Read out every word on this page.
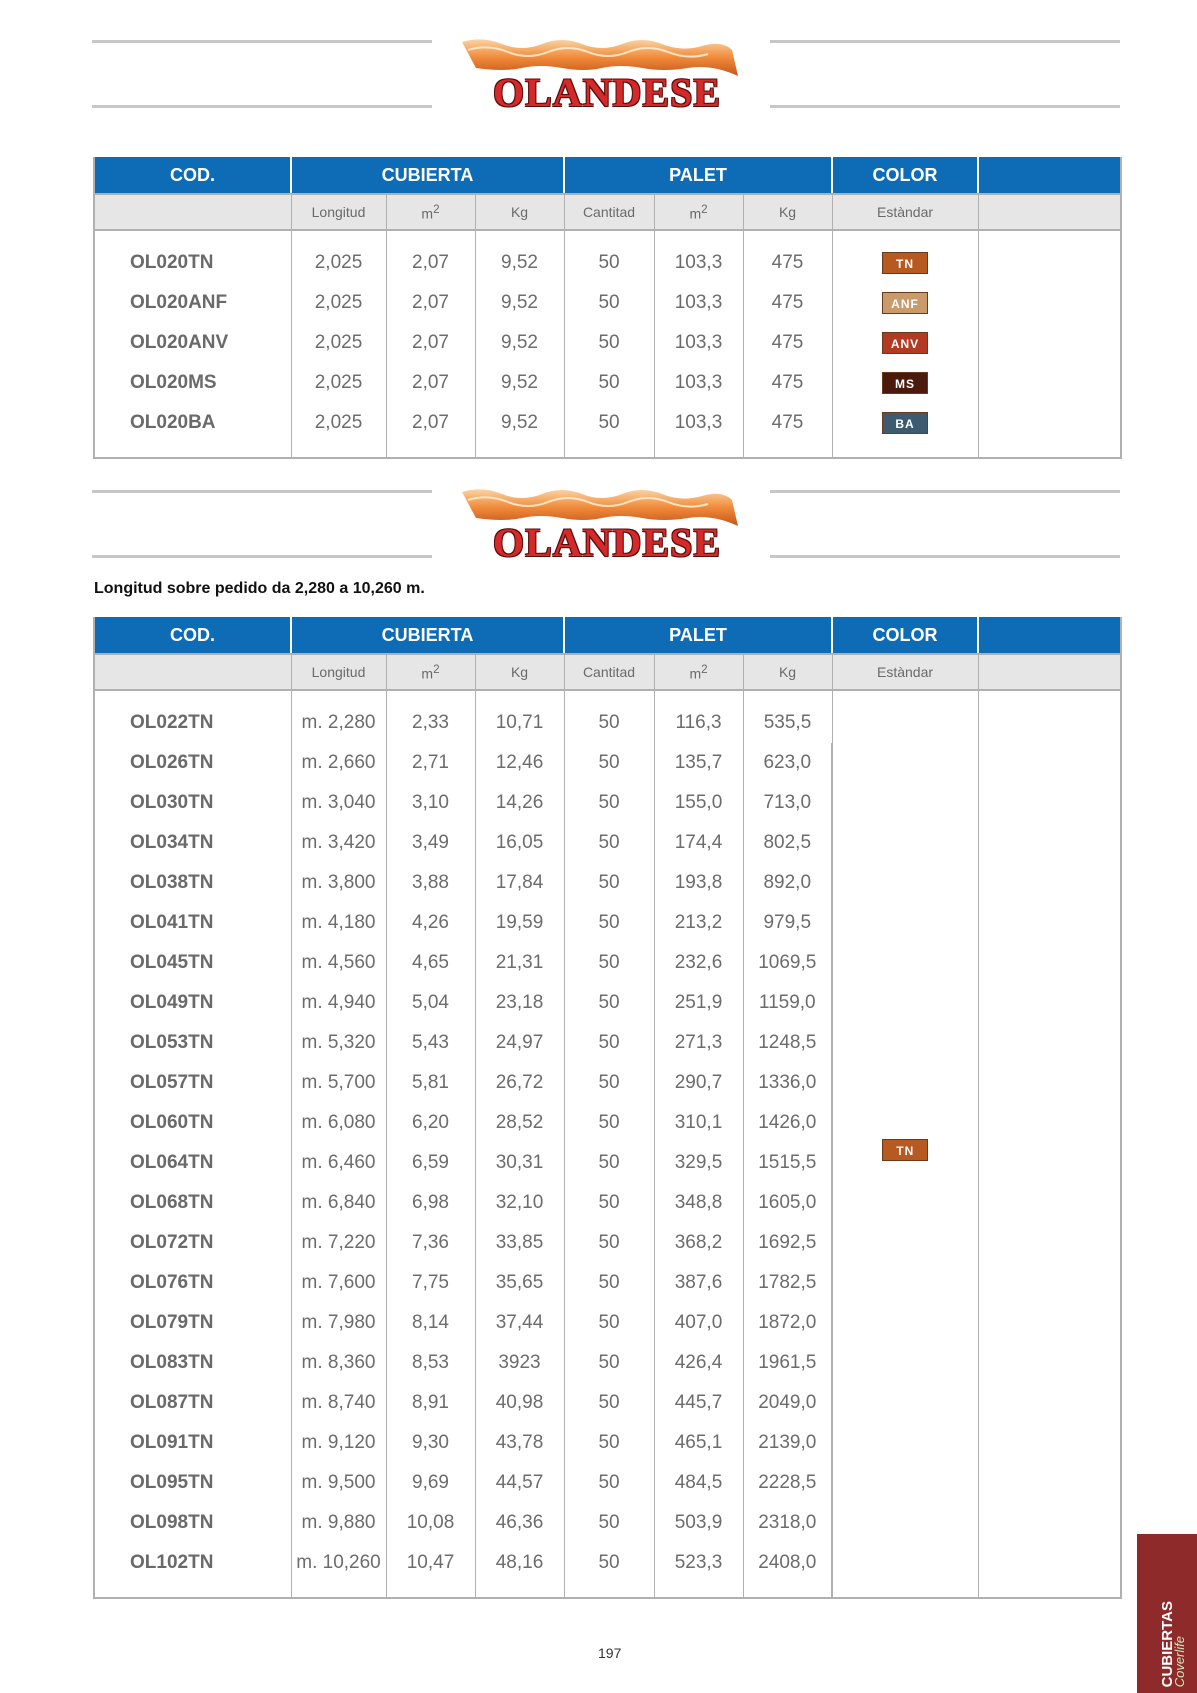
OLANDESE
COD.	CUBIERTA			PALET			COLOR	
	Longitud	$m^2$	Kg	Cantitad	$m^2$	Kg	Estàndar	
OL020TN	2,025	2,07	9,52	50	103,3	475	TN	
OL020ANF	2,025	2,07	9,52	50	103,3	475	ANF	
OL020ANV	2,025	2,07	9,52	50	103,3	475	ANV	
OL020MS	2,025	2,07	9,52	50	103,3	475	MS	
OL020BA	2,025	2,07	9,52	50	103,3	475	BA	
OLANDESE
Longitud sobre pedido da 2,280 a 10,260 m.
COD.	CUBIERTA			PALET			COLOR	
	Longitud	$m^2$	Kg	Cantitad	$m^2$	Kg	Estàndar	
OL022TN	m. 2,280	2,33	10,71	50	116,3	535,5	TN	
OL026TN	m. 2,660	2,71	12,46	50	135,7	623,0		
OL030TN	m. 3,040	3,10	14,26	50	155,0	713,0		
OL034TN	m. 3,420	3,49	16,05	50	174,4	802,5		
OL038TN	m. 3,800	3,88	17,84	50	193,8	892,0		
OL041TN	m. 4,180	4,26	19,59	50	213,2	979,5		
OL045TN	m. 4,560	4,65	21,31	50	232,6	1069,5		
OL049TN	m. 4,940	5,04	23,18	50	251,9	1159,0		
OL053TN	m. 5,320	5,43	24,97	50	271,3	1248,5		
OL057TN	m. 5,700	5,81	26,72	50	290,7	1336,0		
OL060TN	m. 6,080	6,20	28,52	50	310,1	1426,0		
OL064TN	m. 6,460	6,59	30,31	50	329,5	1515,5		
OL068TN	m. 6,840	6,98	32,10	50	348,8	1605,0		
OL072TN	m. 7,220	7,36	33,85	50	368,2	1692,5		
OL076TN	m. 7,600	7,75	35,65	50	387,6	1782,5		
OL079TN	m. 7,980	8,14	37,44	50	407,0	1872,0		
OL083TN	m. 8,360	8,53	3923	50	426,4	1961,5		
OL087TN	m. 8,740	8,91	40,98	50	445,7	2049,0		
OL091TN	m. 9,120	9,30	43,78	50	465,1	2139,0		
OL095TN	m. 9,500	9,69	44,57	50	484,5	2228,5		
OL098TN	m. 9,880	10,08	46,36	50	503,9	2318,0		
OL102TN	m. 10,260	10,47	48,16	50	523,3	2408,0		
197	CUBIERTAS
Coverlife
